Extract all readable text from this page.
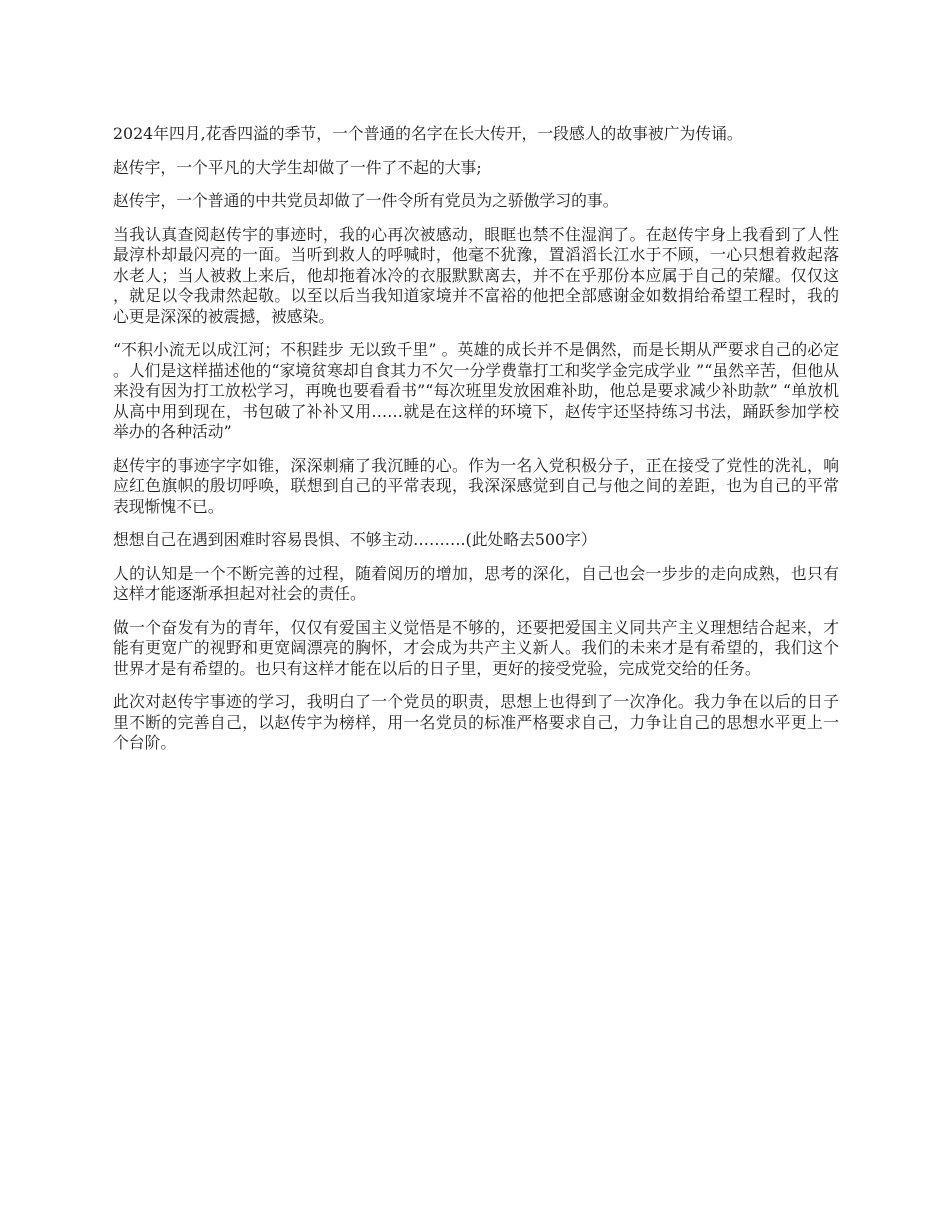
2024年四月,花香四溢的季节，一个普通的名字在长大传开，一段感人的故事被广为传诵。

赵传宇，一个平凡的大学生却做了一件了不起的大事;

赵传宇，一个普通的中共党员却做了一件令所有党员为之骄傲学习的事。

当我认真查阅赵传宇的事迹时，我的心再次被感动，眼眶也禁不住湿润了。在赵传宇身上我看到了人性最淳朴却最闪亮的一面。当听到救人的呼喊时，他毫不犹豫，置滔滔长江水于不顾，一心只想着救起落水老人；当人被救上来后，他却拖着冰冷的衣服默默离去，并不在乎那份本应属于自己的荣耀。仅仅这，就足以令我肃然起敬。以至以后当我知道家境并不富裕的他把全部感谢金如数捐给希望工程时，我的心更是深深的被震撼，被感染。

“不积小流无以成江河；不积跬步 无以致千里” 。英雄的成长并不是偶然，而是长期从严要求自己的必定。人们是这样描述他的“家境贫寒却自食其力不欠一分学费靠打工和奖学金完成学业 ”“虽然辛苦，但他从来没有因为打工放松学习，再晚也要看看书”“每次班里发放困难补助，他总是要求减少补助款” “单放机从高中用到现在，书包破了补补又用……就是在这样的环境下，赵传宇还坚持练习书法，踊跃参加学校举办的各种活动”

赵传宇的事迹字字如锥，深深刺痛了我沉睡的心。作为一名入党积极分子，正在接受了党性的洗礼，响应红色旗帜的殷切呼唤，联想到自己的平常表现，我深深感觉到自己与他之间的差距，也为自己的平常表现惭愧不已。

想想自己在遇到困难时容易畏惧、不够主动……….(此处略去500字）

人的认知是一个不断完善的过程，随着阅历的增加，思考的深化，自己也会一步步的走向成熟，也只有这样才能逐渐承担起对社会的责任。

做一个奋发有为的青年，仅仅有爱国主义觉悟是不够的，还要把爱国主义同共产主义理想结合起来，才能有更宽广的视野和更宽阔漂亮的胸怀，才会成为共产主义新人。我们的未来才是有希望的，我们这个世界才是有希望的。也只有这样才能在以后的日子里，更好的接受党验，完成党交给的任务。

此次对赵传宇事迹的学习，我明白了一个党员的职责，思想上也得到了一次净化。我力争在以后的日子里不断的完善自己，以赵传宇为榜样，用一名党员的标准严格要求自己，力争让自己的思想水平更上一个台阶。
